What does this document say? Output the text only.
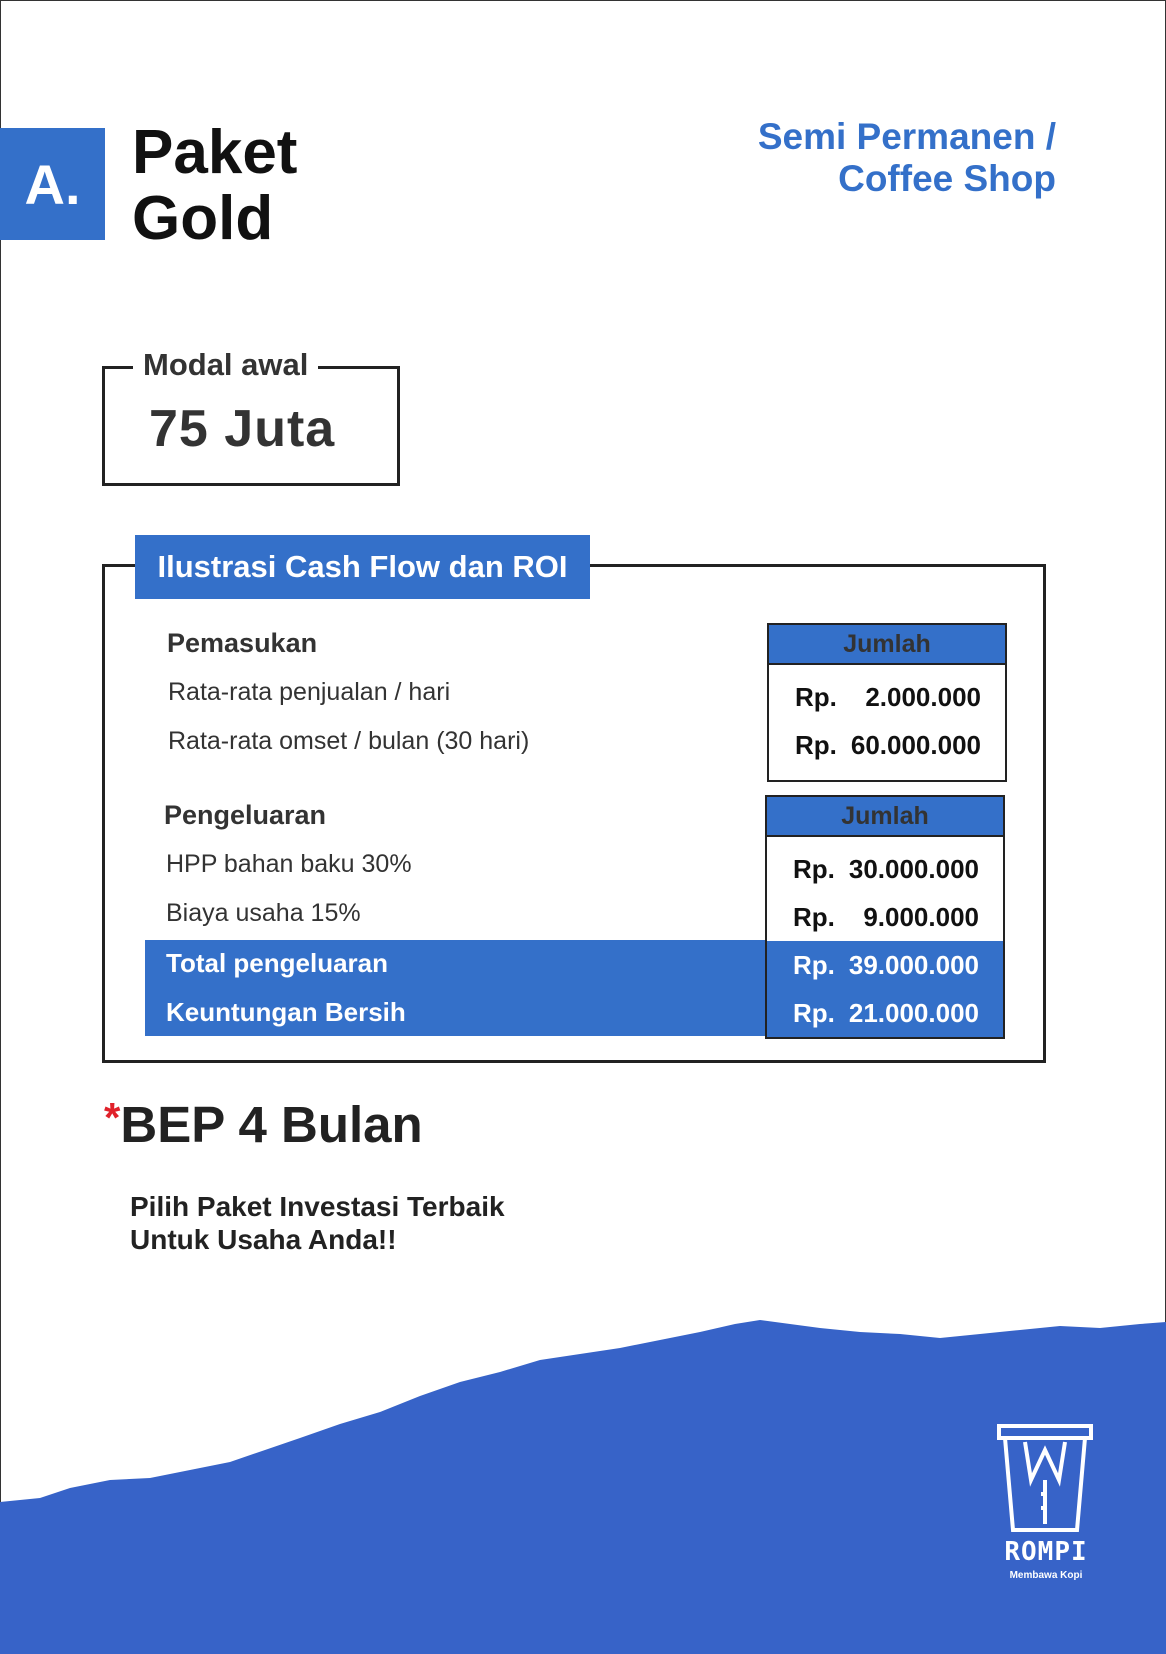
A. Paket
Gold
Semi Permanen /
Coffee Shop
Modal awal
75 Juta
Ilustrasi Cash Flow dan ROI
Pemasukan
Rata-rata penjualan / hari
Rata-rata omset / bulan (30 hari)
Jumlah
Rp. 2.000.000
Rp. 60.000.000
Pengeluaran
HPP bahan baku 30%
Biaya usaha 15%
Total pengeluaran
Keuntungan Bersih
Jumlah
Rp. 30.000.000
Rp. 9.000.000
Rp. 39.000.000
Rp. 21.000.000
*BEP 4 Bulan
Pilih Paket Investasi Terbaik
Untuk Usaha Anda!!
ROMPI
Membawa Kopi
